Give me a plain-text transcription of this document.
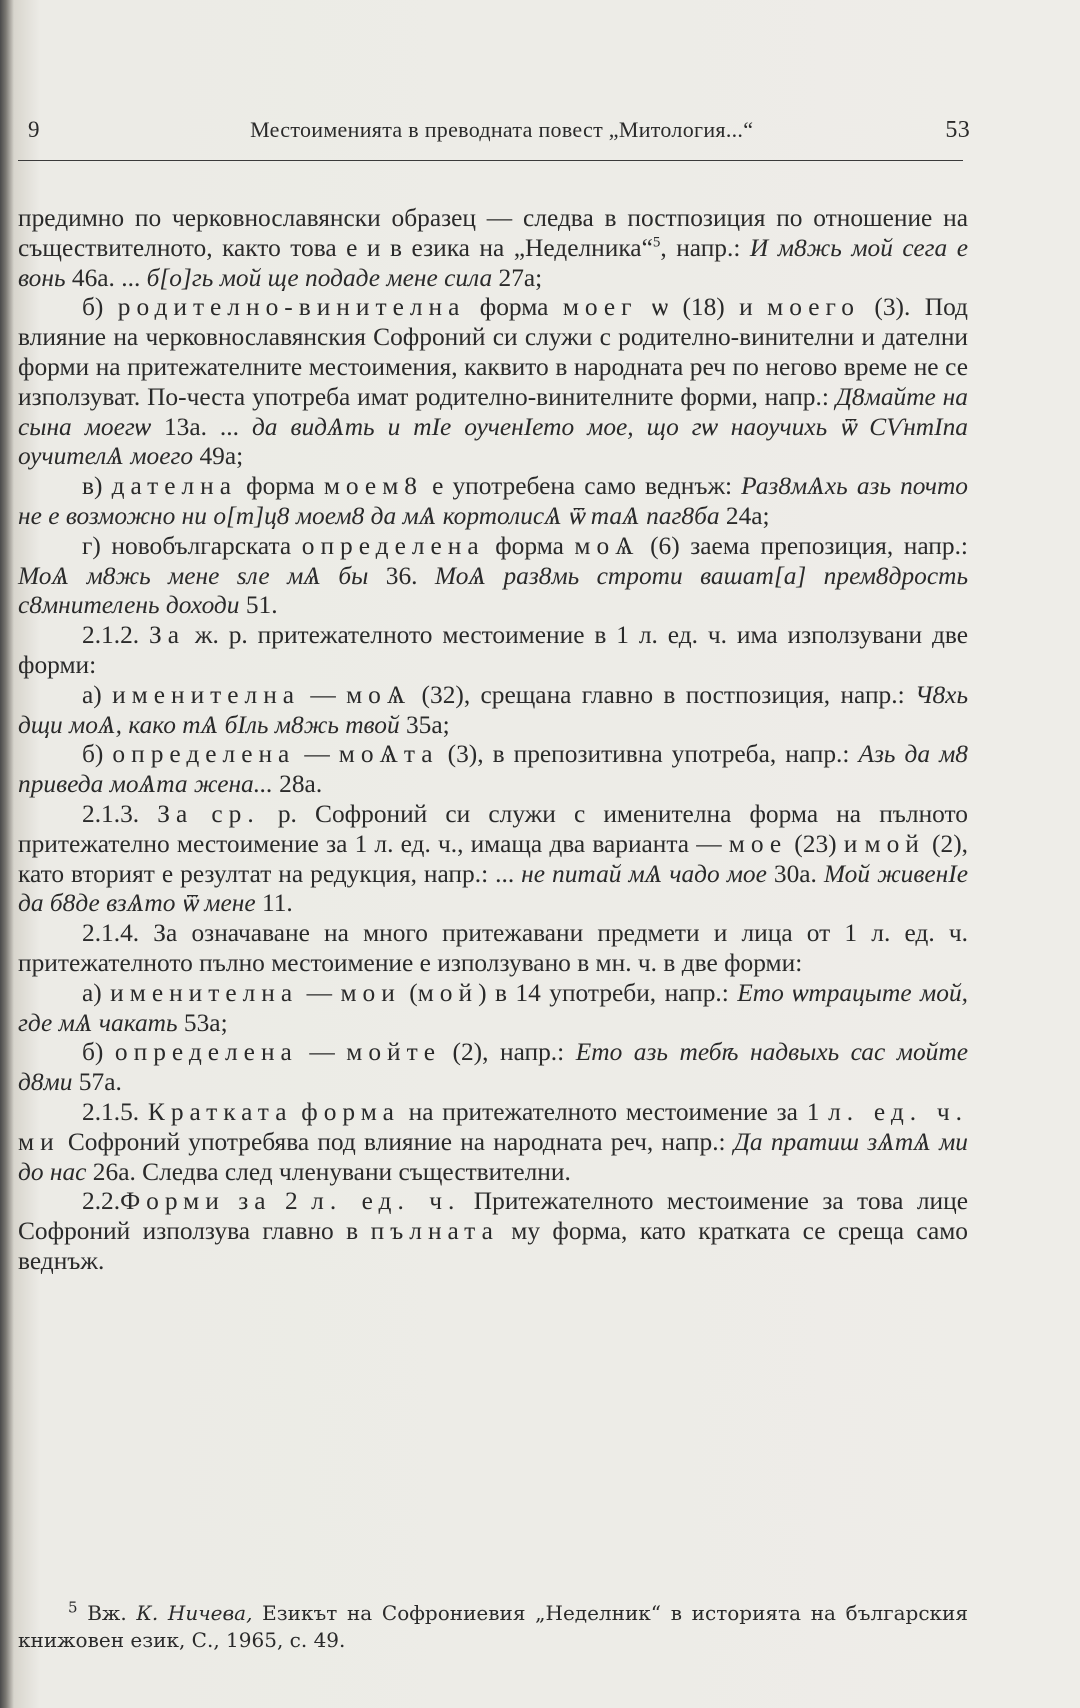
9	Местоименията в преводната повест „Митология...“	53

предимно по черковнославянски образец — следва в постпозиция по отношение на съществителното, както това е и в езика на „Неделника“$^5$, напр.: И м8жь мой сега е вонь 46а. ... б[о]гь мой ще подаде мене сила 27а;

б) родително-винителна форма моег ѡ (18) и моего (3). Под влияние на черковнославянския Софроний си служи с родително-винителни и дателни форми на притежателните местоимения, каквито в народната реч по негово време не се използуват. По-честа употреба имат родително-винителните форми, напр.: Д8майте на сына моегѡ 13а. ... да видѦть и тІе оученІето мое, що гѡ наоучихь ѿ СѴнтІпа оучителѦ моего 49а;

в) дателна форма моем8 е употребена само веднъж: Раз8мѦхь азь почто не е возможно ни о[т]ц8 моем8 да мѦ кортолисѦ ѿ таѦ паг8ба 24а;

г) новобългарската определена форма моѦ (6) заема препозиция, напр.: МоѦ м8жь мене ѕле мѦ бы 36. МоѦ раз8мь строти вашат[а] прем8дрость с8мнителень доходи 51.

2.1.2. За ж. р. притежателното местоимение в 1 л. ед. ч. има използувани две форми:

а) именителна — моѦ (32), срещана главно в постпозиция, напр.: Ч8хь дщи моѦ, како тѦ бІль м8жь твой 35а;

б) определена — моѦта (3), в препозитивна употреба, напр.: Азь да м8 приведа моѦта жена... 28а.

2.1.3. За ср. р. Софроний си служи с именителна форма на пълното притежателно местоимение за 1 л. ед. ч., имаща два варианта — мое (23) и мой (2), като вторият е резултат на редукция, напр.: ... не питай мѦ чадо мое 30а. Мой живенІе да б8де взѦто ѿ мене 11.

2.1.4. За означаване на много притежавани предмети и лица от 1 л. ед. ч. притежателното пълно местоимение е използувано в мн. ч. в две форми:

а) именителна — мои (мой) в 14 употреби, напр.: Ето ѡтрацыте мой, где мѦ чакать 53а;

б) определена — мойте (2), напр.: Ето азь тебѣ надвыхь сас мойте д8ми 57а.

2.1.5. Кратката форма на притежателното местоимение за 1 л. ед. ч. ми Софроний употребява под влияние на народната реч, напр.: Да пратиш зѦтѦ ми до нас 26а. Следва след членувани съществителни.

2.2.Форми за 2 л. ед. ч. Притежателното местоимение за това лице Софроний използува главно в пълната му форма, като кратката се среща само веднъж.

$^5$ Вж. К. Ничева, Езикът на Софрониевия „Неделник“ в историята на българския книжовен език, С., 1965, с. 49.
